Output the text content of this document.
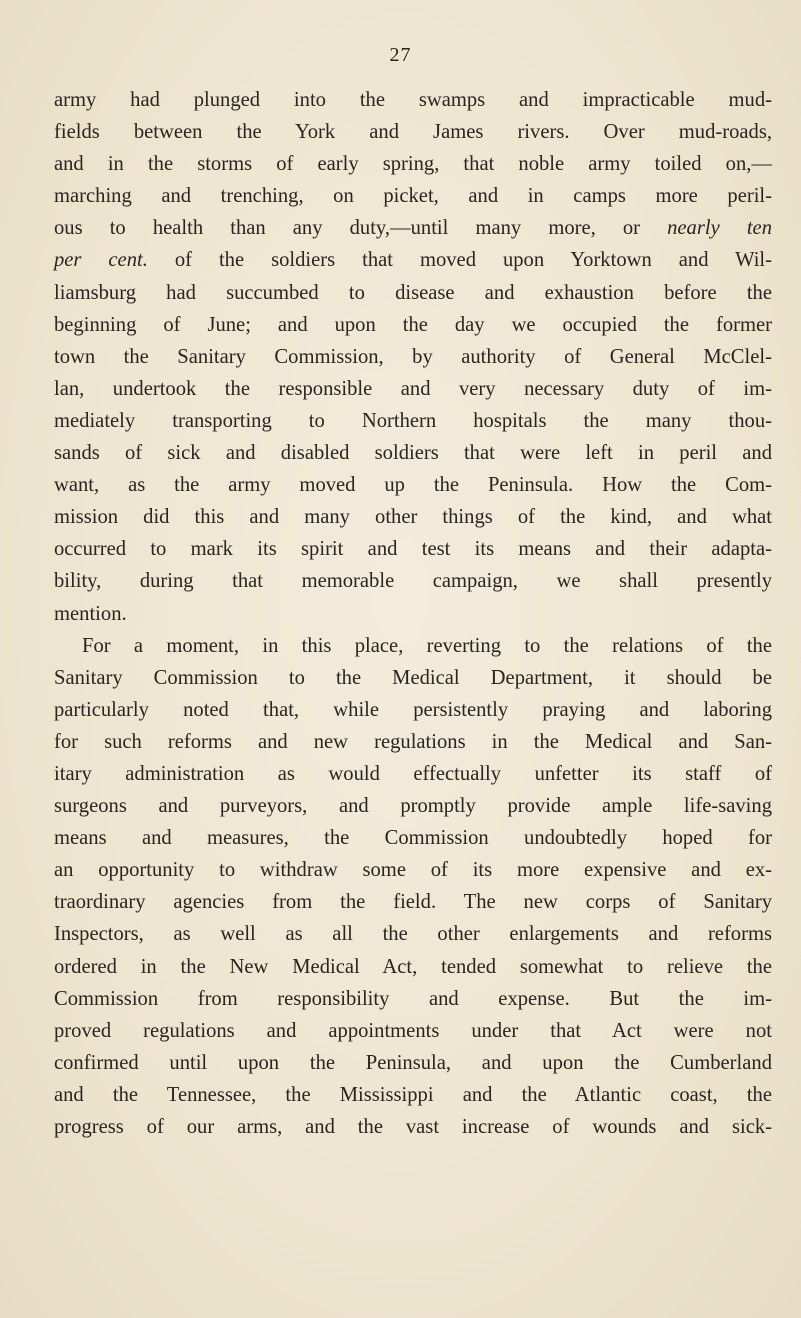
27
army had plunged into the swamps and impracticable mud-
fields between the York and James rivers. Over mud-roads,
and in the storms of early spring, that noble army toiled on,—
marching and trenching, on picket, and in camps more peril-
ous to health than any duty,—until many more, or nearly ten
per cent. of the soldiers that moved upon Yorktown and Wil-
liamsburg had succumbed to disease and exhaustion before the
beginning of June; and upon the day we occupied the former
town the Sanitary Commission, by authority of General McClel-
lan, undertook the responsible and very necessary duty of im-
mediately transporting to Northern hospitals the many thou-
sands of sick and disabled soldiers that were left in peril and
want, as the army moved up the Peninsula. How the Com-
mission did this and many other things of the kind, and what
occurred to mark its spirit and test its means and their adapta-
bility, during that memorable campaign, we shall presently
mention.
For a moment, in this place, reverting to the relations of the
Sanitary Commission to the Medical Department, it should be
particularly noted that, while persistently praying and laboring
for such reforms and new regulations in the Medical and San-
itary administration as would effectually unfetter its staff of
surgeons and purveyors, and promptly provide ample life-saving
means and measures, the Commission undoubtedly hoped for
an opportunity to withdraw some of its more expensive and ex-
traordinary agencies from the field. The new corps of Sanitary
Inspectors, as well as all the other enlargements and reforms
ordered in the New Medical Act, tended somewhat to relieve the
Commission from responsibility and expense. But the im-
proved regulations and appointments under that Act were not
confirmed until upon the Peninsula, and upon the Cumberland
and the Tennessee, the Mississippi and the Atlantic coast, the
progress of our arms, and the vast increase of wounds and sick-
